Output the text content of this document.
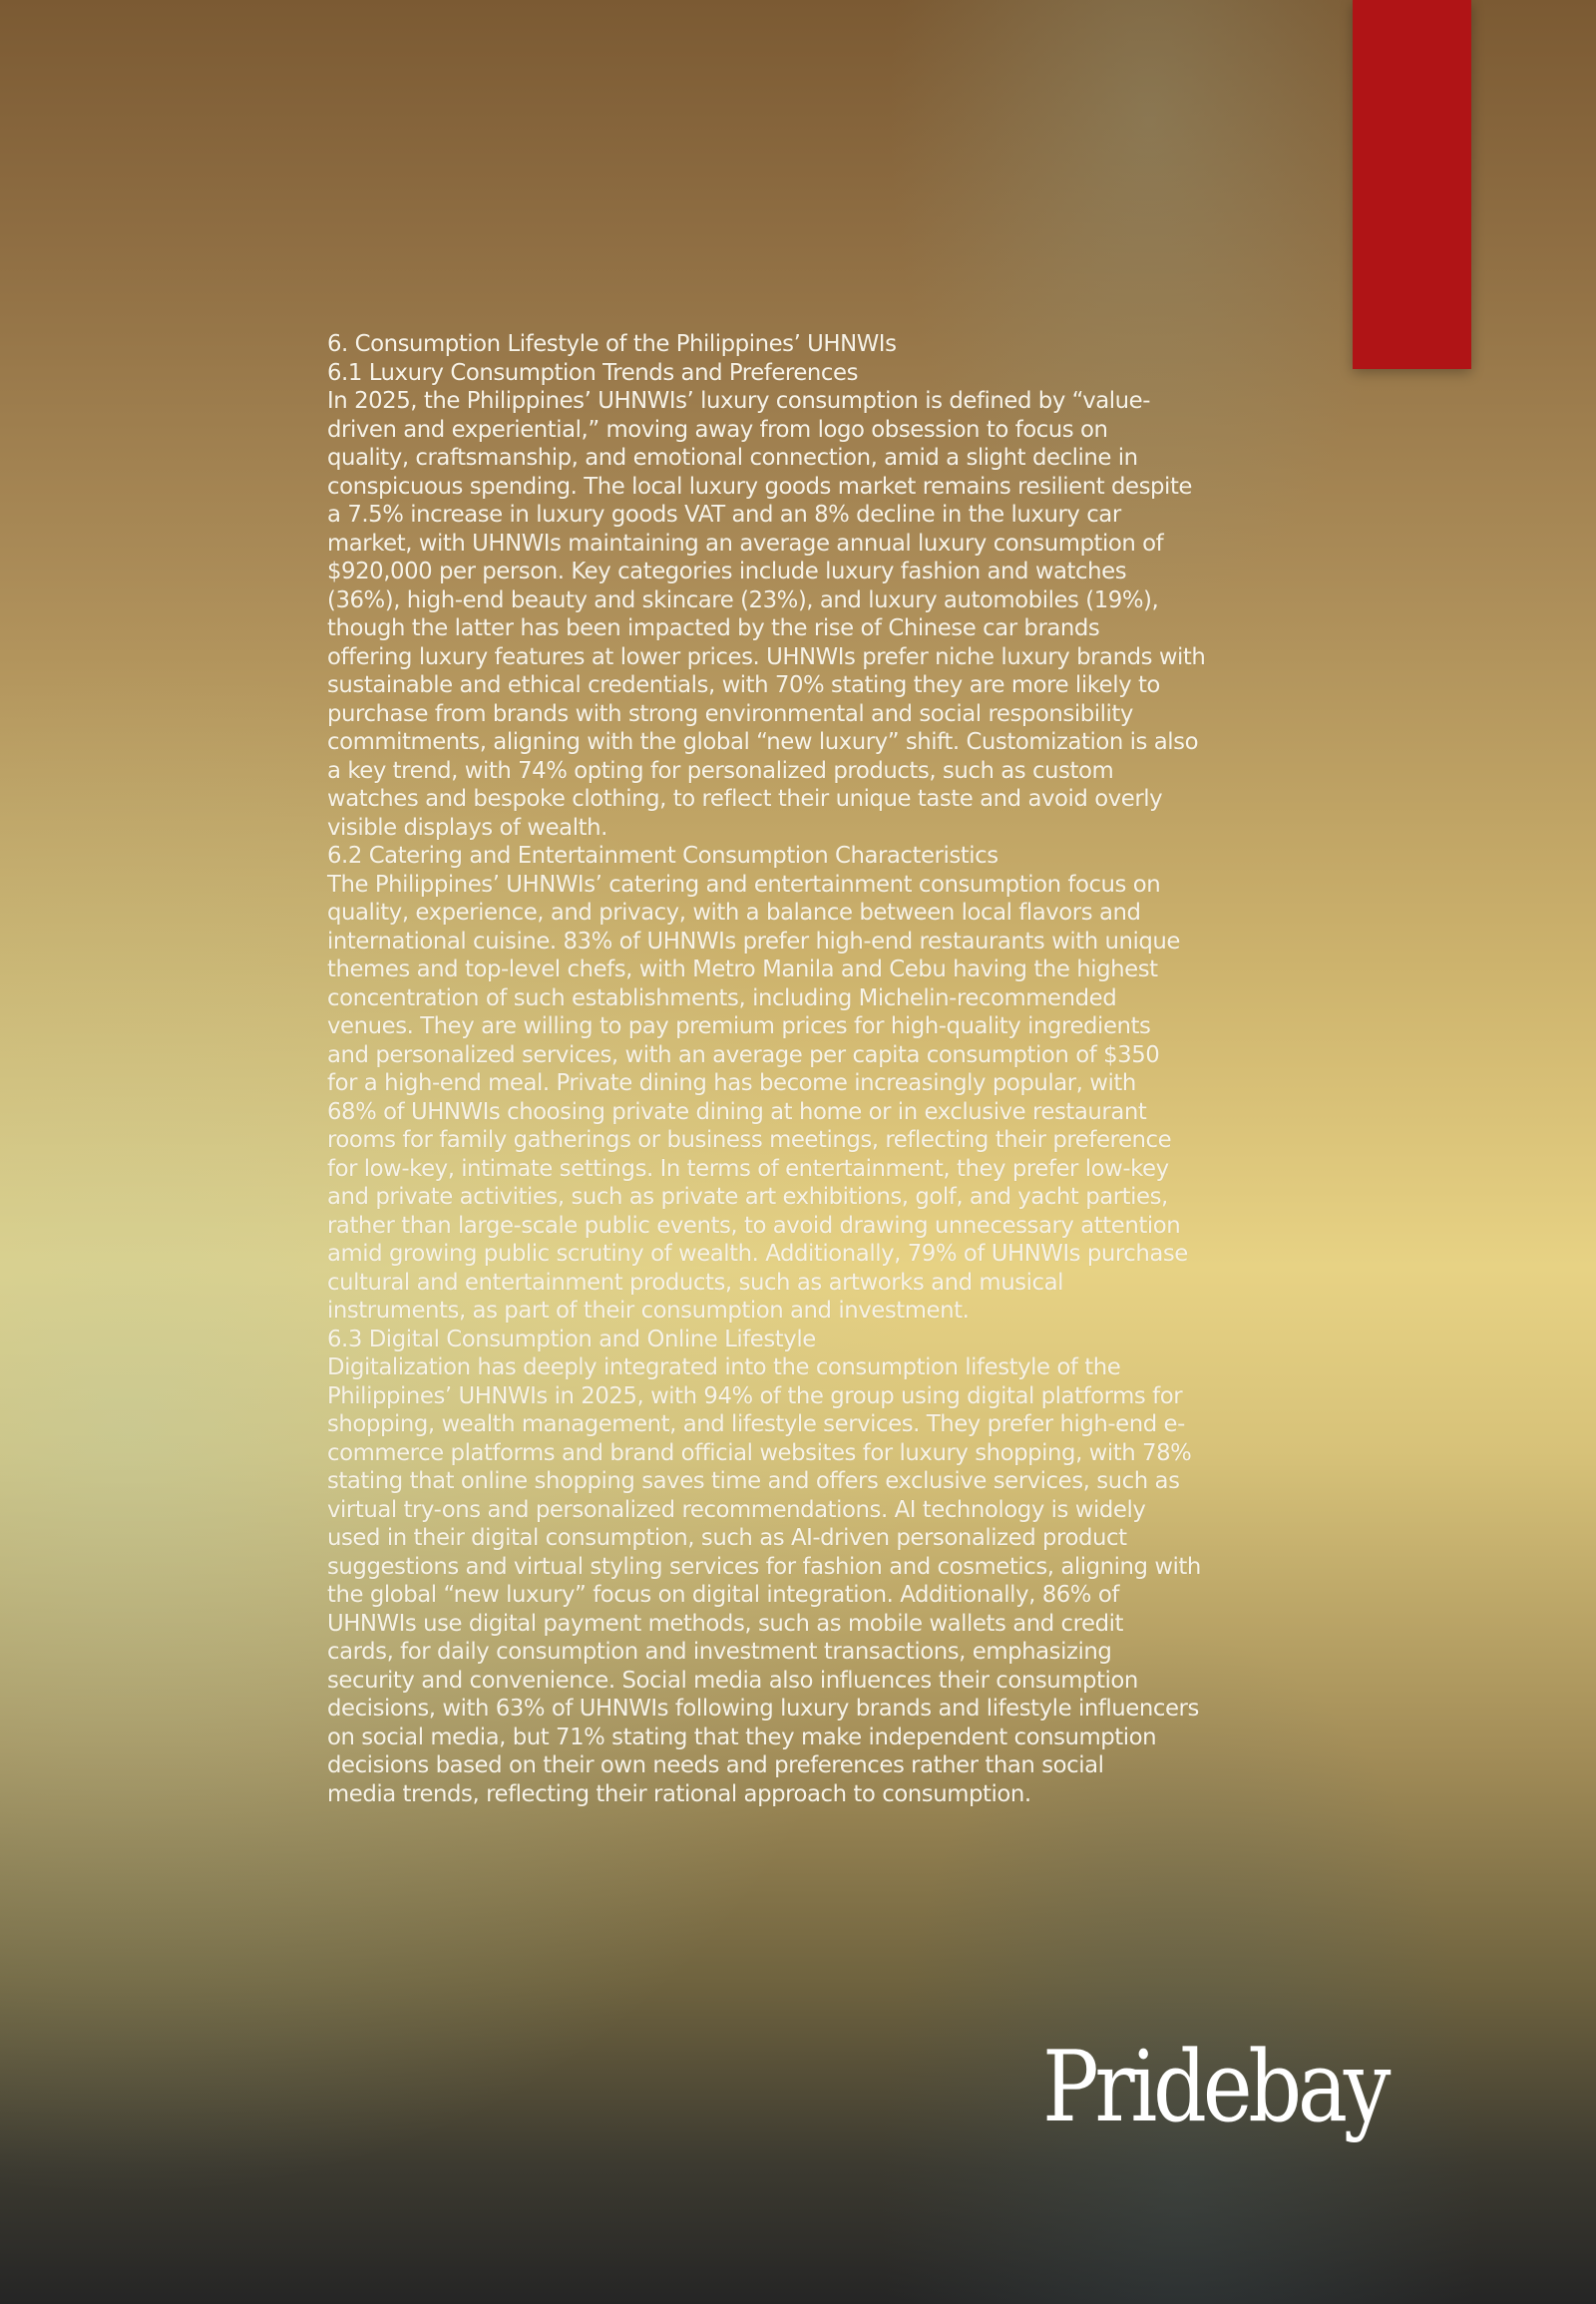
6. Consumption Lifestyle of the Philippines’ UHNWIs

6.1 Luxury Consumption Trends and Preferences

In 2025, the Philippines’ UHNWIs’ luxury consumption is defined by “value-

driven and experiential,” moving away from logo obsession to focus on

quality, craftsmanship, and emotional connection, amid a slight decline in

conspicuous spending. The local luxury goods market remains resilient despite

a 7.5% increase in luxury goods VAT and an 8% decline in the luxury car

market, with UHNWIs maintaining an average annual luxury consumption of

$920,000 per person. Key categories include luxury fashion and watches

(36%), high-end beauty and skincare (23%), and luxury automobiles (19%),

though the latter has been impacted by the rise of Chinese car brands

offering luxury features at lower prices. UHNWIs prefer niche luxury brands with

sustainable and ethical credentials, with 70% stating they are more likely to

purchase from brands with strong environmental and social responsibility

commitments, aligning with the global “new luxury” shift. Customization is also

a key trend, with 74% opting for personalized products, such as custom

watches and bespoke clothing, to reflect their unique taste and avoid overly

visible displays of wealth.

6.2 Catering and Entertainment Consumption Characteristics

The Philippines’ UHNWIs’ catering and entertainment consumption focus on

quality, experience, and privacy, with a balance between local flavors and

international cuisine. 83% of UHNWIs prefer high-end restaurants with unique

themes and top-level chefs, with Metro Manila and Cebu having the highest

concentration of such establishments, including Michelin-recommended

venues. They are willing to pay premium prices for high-quality ingredients

and personalized services, with an average per capita consumption of $350

for a high-end meal. Private dining has become increasingly popular, with

68% of UHNWIs choosing private dining at home or in exclusive restaurant

rooms for family gatherings or business meetings, reflecting their preference

for low-key, intimate settings. In terms of entertainment, they prefer low-key

and private activities, such as private art exhibitions, golf, and yacht parties,

rather than large-scale public events, to avoid drawing unnecessary attention

amid growing public scrutiny of wealth. Additionally, 79% of UHNWIs purchase

cultural and entertainment products, such as artworks and musical

instruments, as part of their consumption and investment.

6.3 Digital Consumption and Online Lifestyle

Digitalization has deeply integrated into the consumption lifestyle of the

Philippines’ UHNWIs in 2025, with 94% of the group using digital platforms for

shopping, wealth management, and lifestyle services. They prefer high-end e-

commerce platforms and brand official websites for luxury shopping, with 78%

stating that online shopping saves time and offers exclusive services, such as

virtual try-ons and personalized recommendations. AI technology is widely

used in their digital consumption, such as AI-driven personalized product

suggestions and virtual styling services for fashion and cosmetics, aligning with

the global “new luxury” focus on digital integration. Additionally, 86% of

UHNWIs use digital payment methods, such as mobile wallets and credit

cards, for daily consumption and investment transactions, emphasizing

security and convenience. Social media also influences their consumption

decisions, with 63% of UHNWIs following luxury brands and lifestyle influencers

on social media, but 71% stating that they make independent consumption

decisions based on their own needs and preferences rather than social

media trends, reflecting their rational approach to consumption.

Pridebay
